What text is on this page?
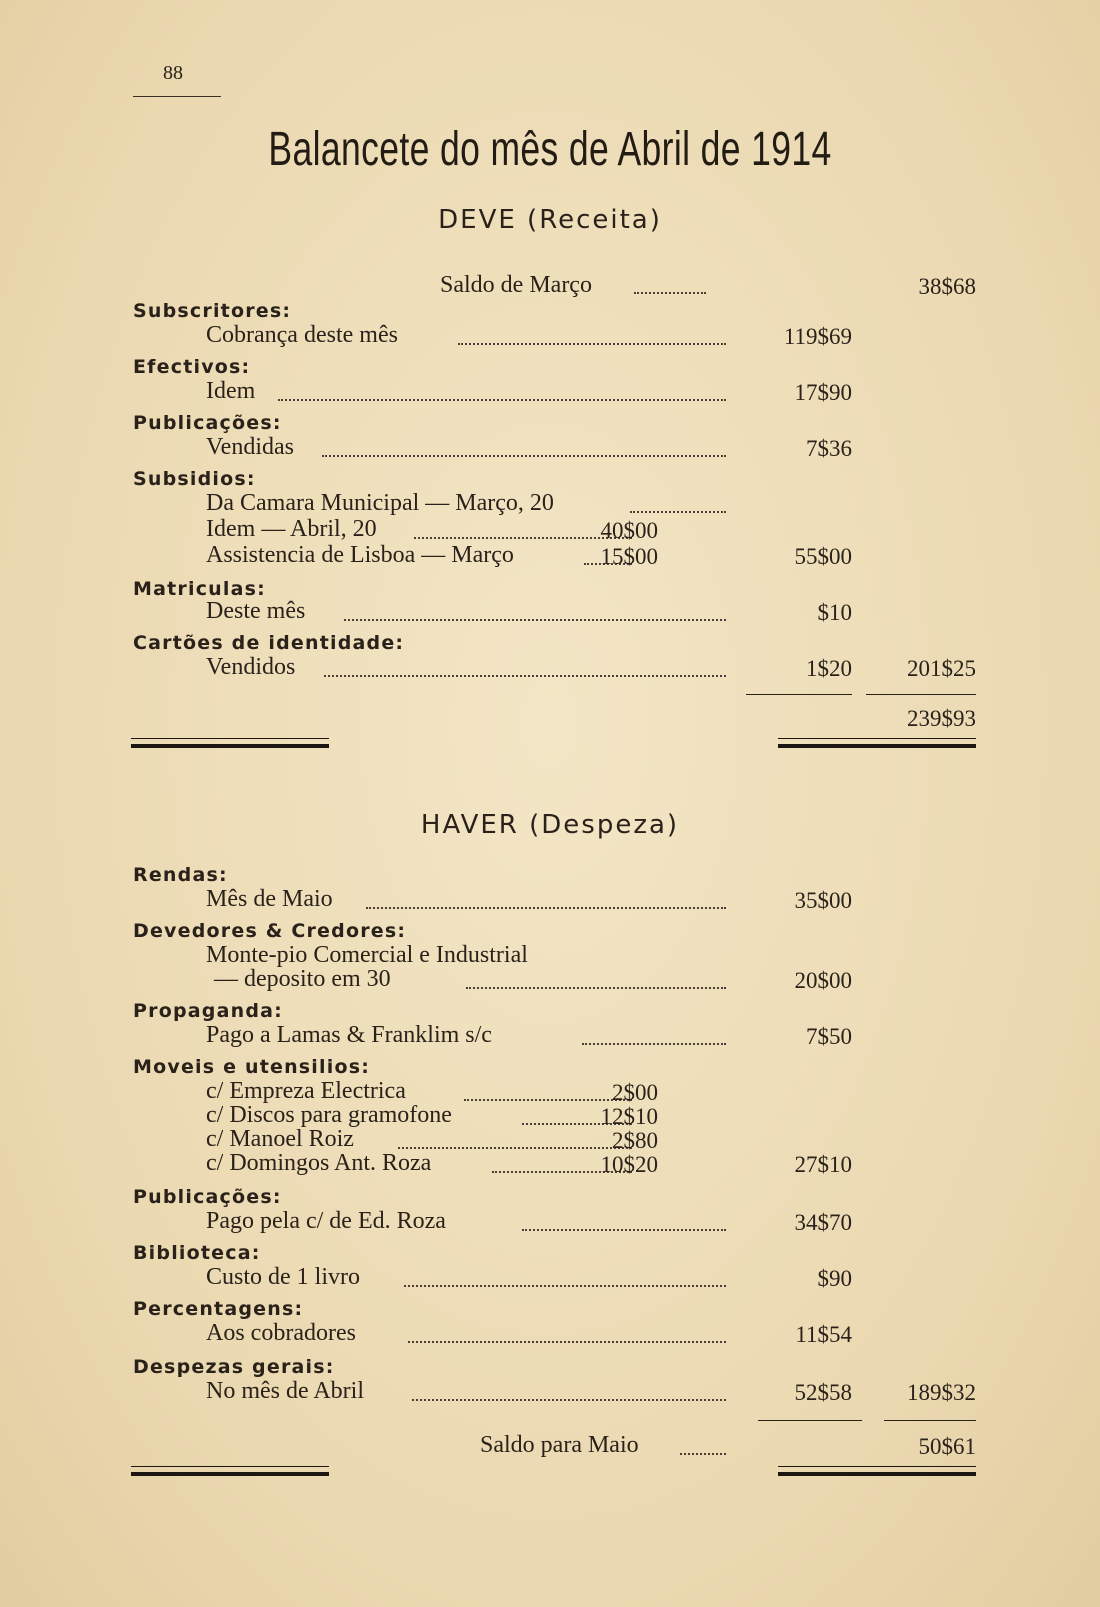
88
Balancete do mês de Abril de 1914
DEVE (Receita)
Saldo de Março	38$68
Subscritores:
Cobrança deste mês	119$69
Efectivos:
Idem	17$90
Publicações:
Vendidas	7$36
Subsidios:
Da Camara Municipal — Março, 20
Idem — Abril, 20	40$00
Assistencia de Lisboa — Março	15$00	55$00
Matriculas:
Deste mês	$10
Cartões de identidade:
Vendidos	1$20	201$25
239$93
HAVER (Despeza)
Rendas:
Mês de Maio	35$00
Devedores & Credores:
Monte-pio Comercial e Industrial
— deposito em 30	20$00
Propaganda:
Pago a Lamas & Franklim s/c	7$50
Moveis e utensilios:
c/ Empreza Electrica	2$00
c/ Discos para gramofone	12$10
c/ Manoel Roiz	2$80
c/ Domingos Ant. Roza	10$20	27$10
Publicações:
Pago pela c/ de Ed. Roza	34$70
Biblioteca:
Custo de 1 livro	$90
Percentagens:
Aos cobradores	11$54
Despezas gerais:
No mês de Abril	52$58	189$32
Saldo para Maio	50$61
